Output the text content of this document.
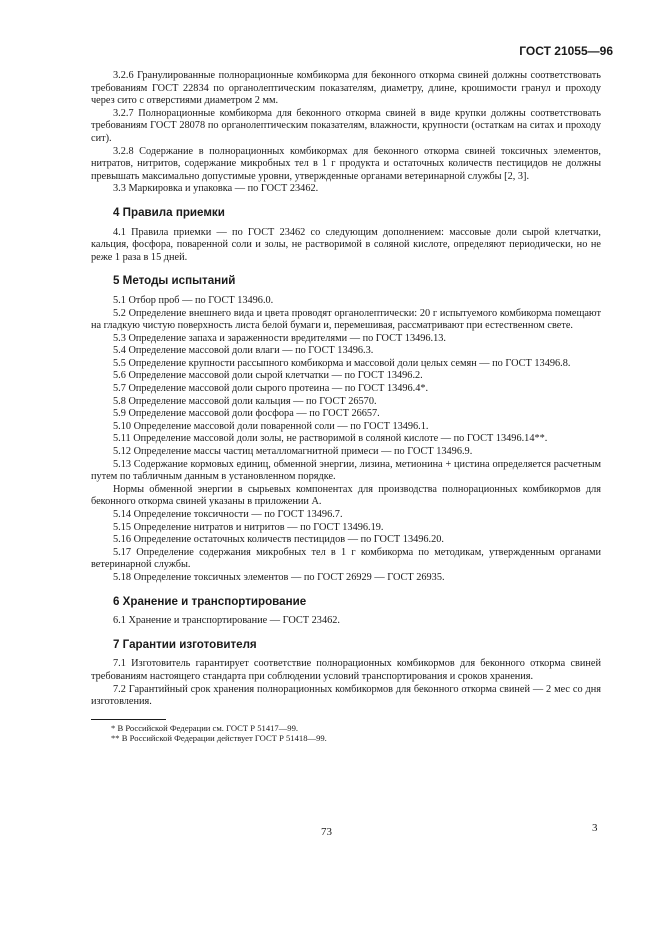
ГОСТ 21055—96

3.2.6 Гранулированные полнорационные комбикорма для беконного откорма свиней должны соответствовать требованиям ГОСТ 22834 по органолептическим показателям, диаметру, длине, крошимости гранул и проходу через сито с отверстиями диаметром 2 мм.

3.2.7 Полнорационные комбикорма для беконного откорма свиней в виде крупки должны соответствовать требованиям ГОСТ 28078 по органолептическим показателям, влажности, крупности (остаткам на ситах и проходу сит).

3.2.8 Содержание в полнорационных комбикормах для беконного откорма свиней токсичных элементов, нитратов, нитритов, содержание микробных тел в 1 г продукта и остаточных количеств пестицидов не должны превышать максимально допустимые уровни, утвержденные органами ветеринарной службы [2, 3].

3.3 Маркировка и упаковка — по ГОСТ 23462.

4 Правила приемки

4.1 Правила приемки — по ГОСТ 23462 со следующим дополнением: массовые доли сырой клетчатки, кальция, фосфора, поваренной соли и золы, не растворимой в соляной кислоте, определяют периодически, но не реже 1 раза в 15 дней.

5 Методы испытаний

5.1 Отбор проб — по ГОСТ 13496.0.

5.2 Определение внешнего вида и цвета проводят органолептически: 20 г испытуемого комбикорма помещают на гладкую чистую поверхность листа белой бумаги и, перемешивая, рассматривают при естественном свете.

5.3 Определение запаха и зараженности вредителями — по ГОСТ 13496.13.

5.4 Определение массовой доли влаги — по ГОСТ 13496.3.

5.5 Определение крупности рассыпного комбикорма и массовой доли целых семян — по ГОСТ 13496.8.

5.6 Определение массовой доли сырой клетчатки — по ГОСТ 13496.2.

5.7 Определение массовой доли сырого протеина — по ГОСТ 13496.4*.

5.8 Определение массовой доли кальция — по ГОСТ 26570.

5.9 Определение массовой доли фосфора — по ГОСТ 26657.

5.10 Определение массовой доли поваренной соли — по ГОСТ 13496.1.

5.11 Определение массовой доли золы, не растворимой в соляной кислоте — по ГОСТ 13496.14**.

5.12 Определение массы частиц металломагнитной примеси — по ГОСТ 13496.9.

5.13 Содержание кормовых единиц, обменной энергии, лизина, метионина + цистина определяется расчетным путем по табличным данным в установленном порядке.

Нормы обменной энергии в сырьевых компонентах для производства полнорационных комбикормов для беконного откорма свиней указаны в приложении А.

5.14 Определение токсичности — по ГОСТ 13496.7.

5.15 Определение нитратов и нитритов — по ГОСТ 13496.19.

5.16 Определение остаточных количеств пестицидов — по ГОСТ 13496.20.

5.17 Определение содержания микробных тел в 1 г комбикорма по методикам, утвержденным органами ветеринарной службы.

5.18 Определение токсичных элементов — по ГОСТ 26929 — ГОСТ 26935.

6 Хранение и транспортирование

6.1 Хранение и транспортирование — ГОСТ 23462.

7 Гарантии изготовителя

7.1 Изготовитель гарантирует соответствие полнорационных комбикормов для беконного откорма свиней требованиям настоящего стандарта при соблюдении условий транспортирования и сроков хранения.

7.2 Гарантийный срок хранения полнорационных комбикормов для беконного откорма свиней — 2 мес со дня изготовления.

* В Российской Федерации см. ГОСТ Р 51417—99.

** В Российской Федерации действует ГОСТ Р 51418—99.

73	3
